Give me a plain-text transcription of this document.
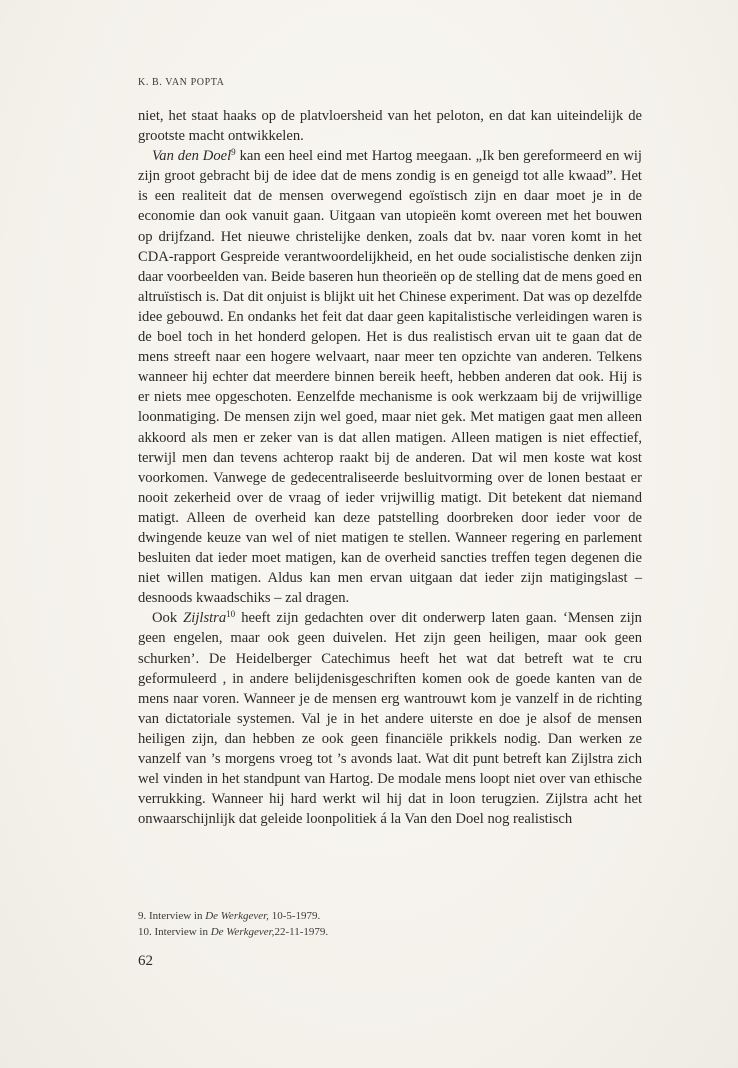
K. B. VAN POPTA

niet, het staat haaks op de platvloersheid van het peloton, en dat kan uiteindelijk de grootste macht ontwikkelen.

Van den Doel$^9$ kan een heel eind met Hartog meegaan. „Ik ben gereformeerd en wij zijn groot gebracht bij de idee dat de mens zondig is en geneigd tot alle kwaad”. Het is een realiteit dat de mensen overwegend egoïstisch zijn en daar moet je in de economie dan ook vanuit gaan. Uitgaan van utopieën komt overeen met het bouwen op drijfzand. Het nieuwe christelijke denken, zoals dat bv. naar voren komt in het CDA-rapport Gespreide verantwoordelijkheid, en het oude socialistische denken zijn daar voorbeelden van. Beide baseren hun theorieën op de stelling dat de mens goed en altruïstisch is. Dat dit onjuist is blijkt uit het Chinese experiment. Dat was op dezelfde idee gebouwd. En ondanks het feit dat daar geen kapitalistische verleidingen waren is de boel toch in het honderd gelopen. Het is dus realistisch ervan uit te gaan dat de mens streeft naar een hogere welvaart, naar meer ten opzichte van anderen. Telkens wanneer hij echter dat meerdere binnen bereik heeft, hebben anderen dat ook. Hij is er niets mee opgeschoten. Eenzelfde mechanisme is ook werkzaam bij de vrijwillige loonmatiging. De mensen zijn wel goed, maar niet gek. Met matigen gaat men alleen akkoord als men er zeker van is dat allen matigen. Alleen matigen is niet effectief, terwijl men dan tevens achterop raakt bij de anderen. Dat wil men koste wat kost voorkomen. Vanwege de gedecentraliseerde besluitvorming over de lonen bestaat er nooit zekerheid over de vraag of ieder vrijwillig matigt. Dit betekent dat niemand matigt. Alleen de overheid kan deze patstelling doorbreken door ieder voor de dwingende keuze van wel of niet matigen te stellen. Wanneer regering en parlement besluiten dat ieder moet matigen, kan de overheid sancties treffen tegen degenen die niet willen matigen. Aldus kan men ervan uitgaan dat ieder zijn matigingslast – desnoods kwaadschiks – zal dragen.

Ook Zijlstra$^{10}$ heeft zijn gedachten over dit onderwerp laten gaan. ‘Mensen zijn geen engelen, maar ook geen duivelen. Het zijn geen heiligen, maar ook geen schurken’. De Heidelberger Catechimus heeft het wat dat betreft wat te cru geformuleerd , in andere belijdenisgeschriften komen ook de goede kanten van de mens naar voren. Wanneer je de mensen erg wantrouwt kom je vanzelf in de richting van dictatoriale systemen. Val je in het andere uiterste en doe je alsof de mensen heiligen zijn, dan hebben ze ook geen financiële prikkels nodig. Dan werken ze vanzelf van ’s morgens vroeg tot ’s avonds laat. Wat dit punt betreft kan Zijlstra zich wel vinden in het standpunt van Hartog. De modale mens loopt niet over van ethische verrukking. Wanneer hij hard werkt wil hij dat in loon terugzien. Zijlstra acht het onwaarschijnlijk dat geleide loonpolitiek á la Van den Doel nog realistisch

9. Interview in De Werkgever, 10-5-1979.

10. Interview in De Werkgever,22-11-1979.

62
